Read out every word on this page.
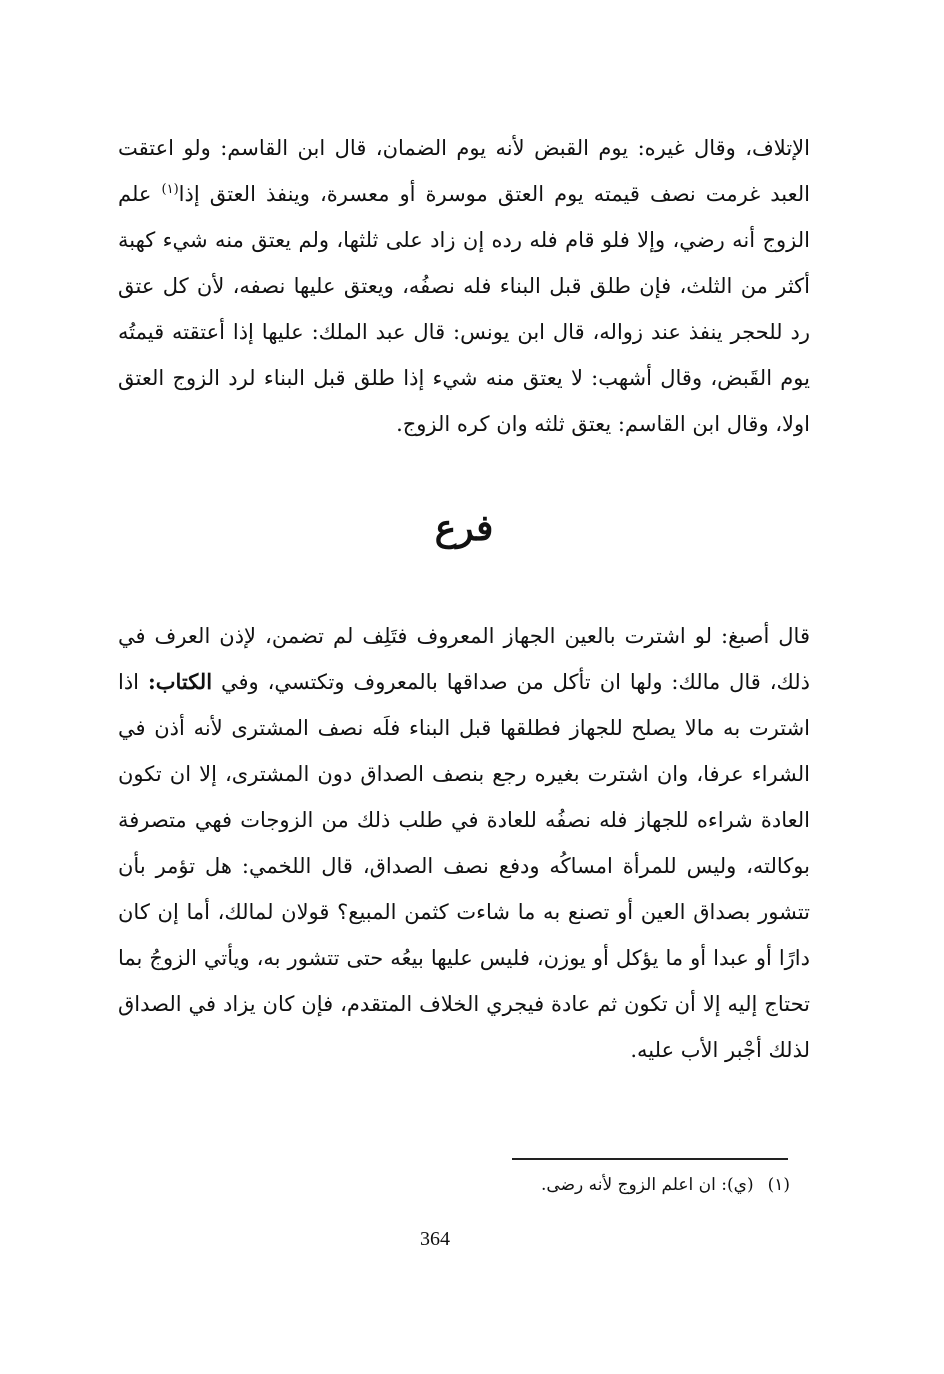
الإتلاف، وقال غيره: يوم القبض لأنه يوم الضمان، قال ابن القاسم: ولو اعتقت العبد غرمت نصف قيمته يوم العتق موسرة أو معسرة، وينفذ العتق إذا$^{(١)}$ علم الزوج أنه رضي، وإلا فلو قام فله رده إن زاد على ثلثها، ولم يعتق منه شيء كهبة أكثر من الثلث، فإن طلق قبل البناء فله نصفُه، ويعتق عليها نصفه، لأن كل عتق رد للحجر ينفذ عند زواله، قال ابن يونس: قال عبد الملك: عليها إذا أعتقته قيمتُه يوم القَبض، وقال أشهب: لا يعتق منه شيء إذا طلق قبل البناء لرد الزوج العتق اولا، وقال ابن القاسم: يعتق ثلثه وان كره الزوج.

فرع

قال أصبغ: لو اشترت بالعين الجهاز المعروف فتَلِف لم تضمن، لإذن العرف في ذلك، قال مالك: ولها ان تأكل من صداقها بالمعروف وتكتسي، وفي الكتاب: اذا اشترت به مالا يصلح للجهاز فطلقها قبل البناء فلَه نصف المشترى لأنه أذن في الشراء عرفا، وان اشترت بغيره رجع بنصف الصداق دون المشترى، إلا ان تكون العادة شراءه للجهاز فله نصفُه للعادة في طلب ذلك من الزوجات فهي متصرفة بوكالته، وليس للمرأة امساكُه ودفع نصف الصداق، قال اللخمي: هل تؤمر بأن تتشور بصداق العين أو تصنع به ما شاءت كثمن المبيع؟ قولان لمالك، أما إن كان دارًا أو عبدا أو ما يؤكل أو يوزن، فليس عليها بيعُه حتى تتشور به، ويأتي الزوجُ بما تحتاج إليه إلا أن تكون ثم عادة فيجري الخلاف المتقدم، فإن كان يزاد في الصداق لذلك أجْبر الأب عليه.

(١)(ي): ان اعلم الزوج لأنه رضى.
364
